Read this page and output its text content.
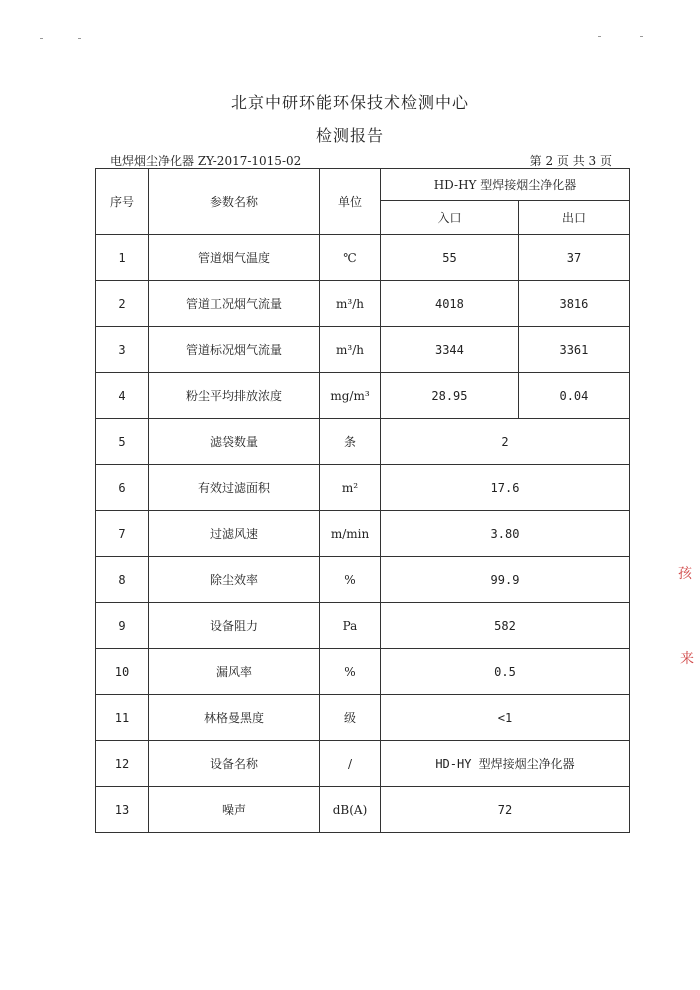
北京中研环能环保技术检测中心
检测报告
电焊烟尘净化器 ZY-2017-1015-02	第 2 页 共 3 页
序号	参数名称	单位	HD-HY 型焊接烟尘净化器	
			入口	出口
1	管道烟气温度	℃	55	37
2	管道工况烟气流量	m³/h	4018	3816
3	管道标况烟气流量	m³/h	3344	3361
4	粉尘平均排放浓度	mg/m³	28.95	0.04
5	滤袋数量	条	2	
6	有效过滤面积	m²	17.6	
7	过滤风速	m/min	3.80	
8	除尘效率	%	99.9	
9	设备阻力	Pa	582	
10	漏风率	%	0.5	
11	林格曼黑度	级	<1	
12	设备名称	/	HD-HY 型焊接烟尘净化器	
13	噪声	dB(A)	72	
孩
来
